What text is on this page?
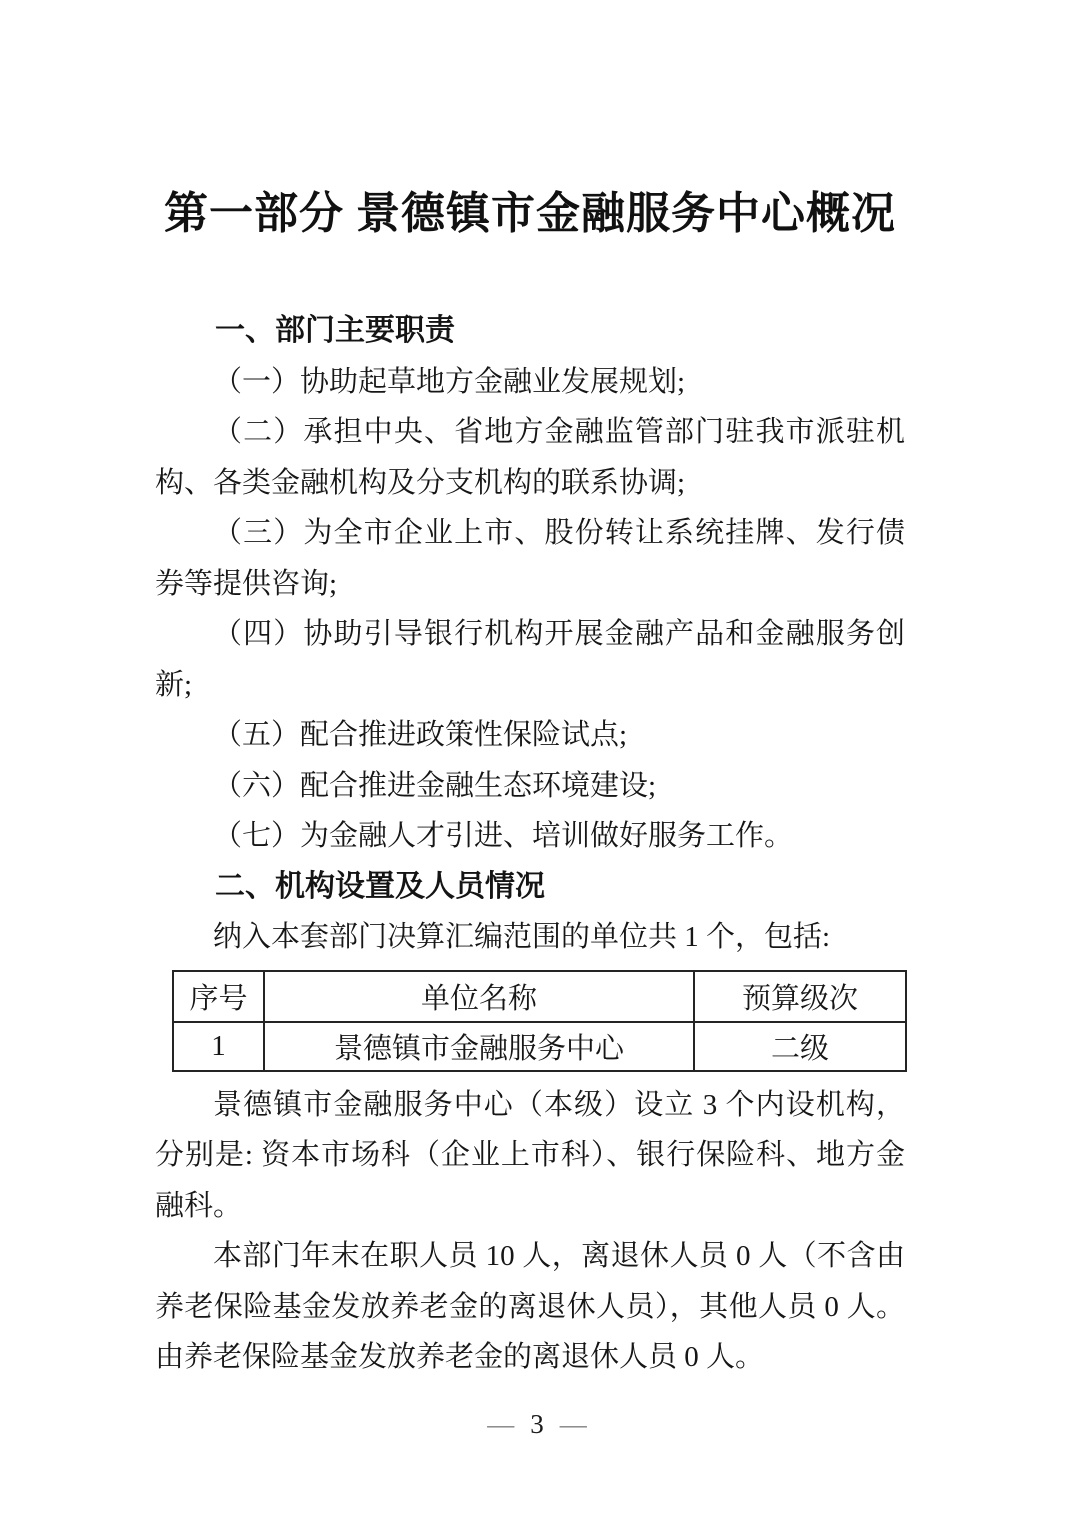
第一部分 景德镇市金融服务中心概况
一、部门主要职责

（一）协助起草地方金融业发展规划;

（二）承担中央、省地方金融监管部门驻我市派驻机构、各类金融机构及分支机构的联系协调;

（三）为全市企业上市、股份转让系统挂牌、发行债券等提供咨询;

（四）协助引导银行机构开展金融产品和金融服务创新;

（五）配合推进政策性保险试点;

（六）配合推进金融生态环境建设;

（七）为金融人才引进、培训做好服务工作。

二、机构设置及人员情况

纳入本套部门决算汇编范围的单位共 1 个，包括:

序号	单位名称	预算级次
1	景德镇市金融服务中心	二级

景德镇市金融服务中心（本级）设立 3 个内设机构，分别是: 资本市场科（企业上市科）、银行保险科、地方金融科。

本部门年末在职人员 10 人，离退休人员 0 人（不含由养老保险基金发放养老金的离退休人员），其他人员 0 人。由养老保险基金发放养老金的离退休人员 0 人。

— 3 —
